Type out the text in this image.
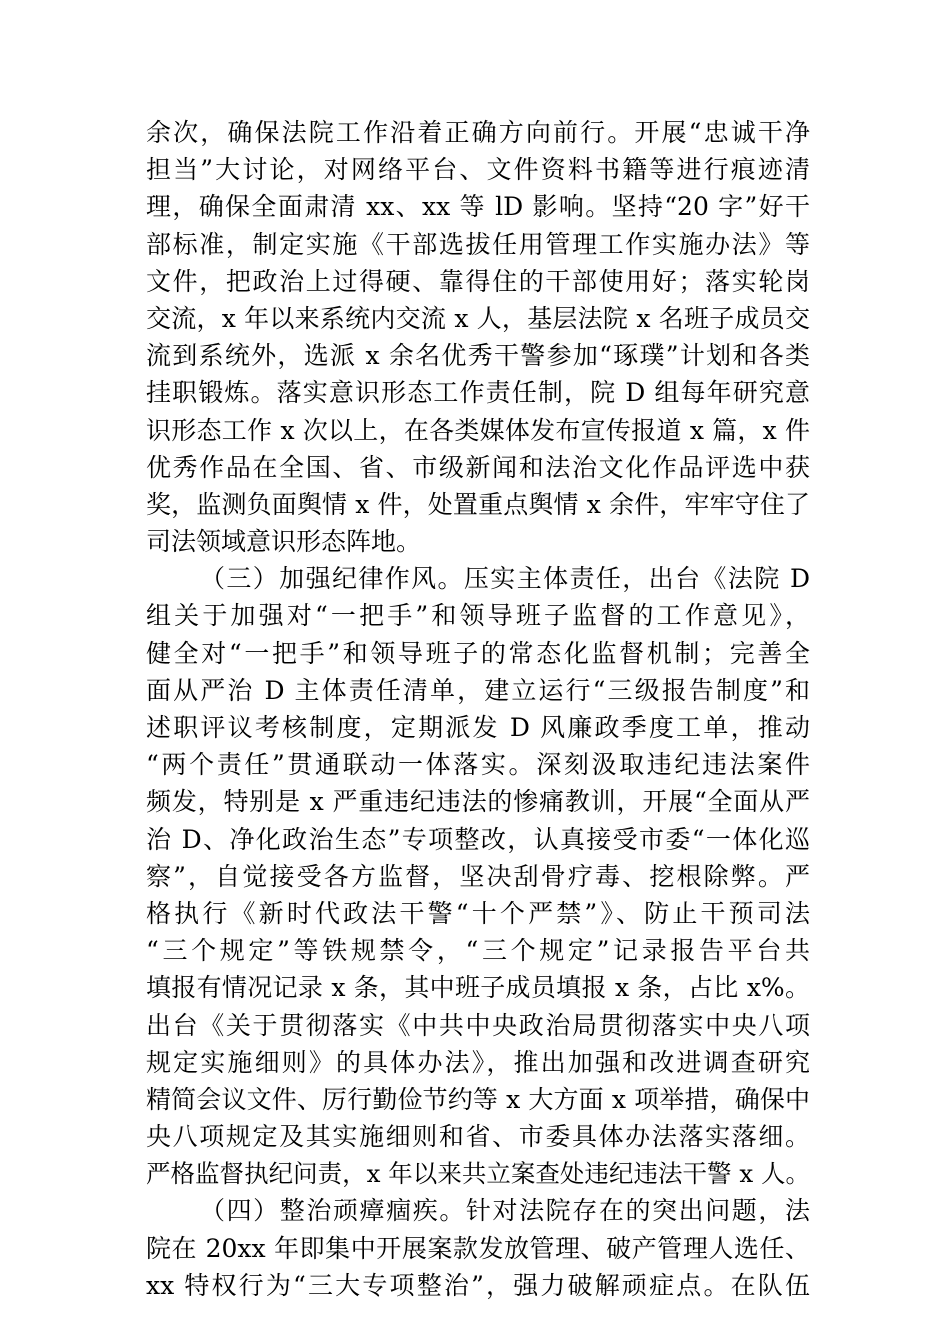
余次，确保法院工作沿着正确方向前行。开展“忠诚干净
担当”大讨论，对网络平台、文件资料书籍等进行痕迹清
理，确保全面肃清 xx、xx 等 lD 影响。坚持“20 字”好干
部标准，制定实施《干部选拔任用管理工作实施办法》等
文件，把政治上过得硬、靠得住的干部使用好；落实轮岗
交流，x 年以来系统内交流 x 人，基层法院 x 名班子成员交
流到系统外，选派 x 余名优秀干警参加“琢璞”计划和各类
挂职锻炼。落实意识形态工作责任制，院 D 组每年研究意
识形态工作 x 次以上，在各类媒体发布宣传报道 x 篇，x 件
优秀作品在全国、省、市级新闻和法治文化作品评选中获
奖，监测负面舆情 x 件，处置重点舆情 x 余件，牢牢守住了
司法领域意识形态阵地。
（三）加强纪律作风。压实主体责任，出台《法院 D
组关于加强对“一把手”和领导班子监督的工作意见》，
健全对“一把手”和领导班子的常态化监督机制；完善全
面从严治 D 主体责任清单，建立运行“三级报告制度”和
述职评议考核制度，定期派发 D 风廉政季度工单，推动
“两个责任”贯通联动一体落实。深刻汲取违纪违法案件
频发，特别是 x 严重违纪违法的惨痛教训，开展“全面从严
治 D、净化政治生态”专项整改，认真接受市委“一体化巡
察”，自觉接受各方监督，坚决刮骨疗毒、挖根除弊。严
格执行《新时代政法干警“十个严禁”》、防止干预司法
“三个规定”等铁规禁令，“三个规定”记录报告平台共
填报有情况记录 x 条，其中班子成员填报 x 条，占比 x%。
出台《关于贯彻落实《中共中央政治局贯彻落实中央八项
规定实施细则》的具体办法》，推出加强和改进调查研究
精简会议文件、厉行勤俭节约等 x 大方面 x 项举措，确保中
央八项规定及其实施细则和省、市委具体办法落实落细。
严格监督执纪问责，x 年以来共立案查处违纪违法干警 x 人。
（四）整治顽瘴痼疾。针对法院存在的突出问题，法
院在 20xx 年即集中开展案款发放管理、破产管理人选任、
xx 特权行为“三大专项整治”，强力破解顽症点。在队伍
